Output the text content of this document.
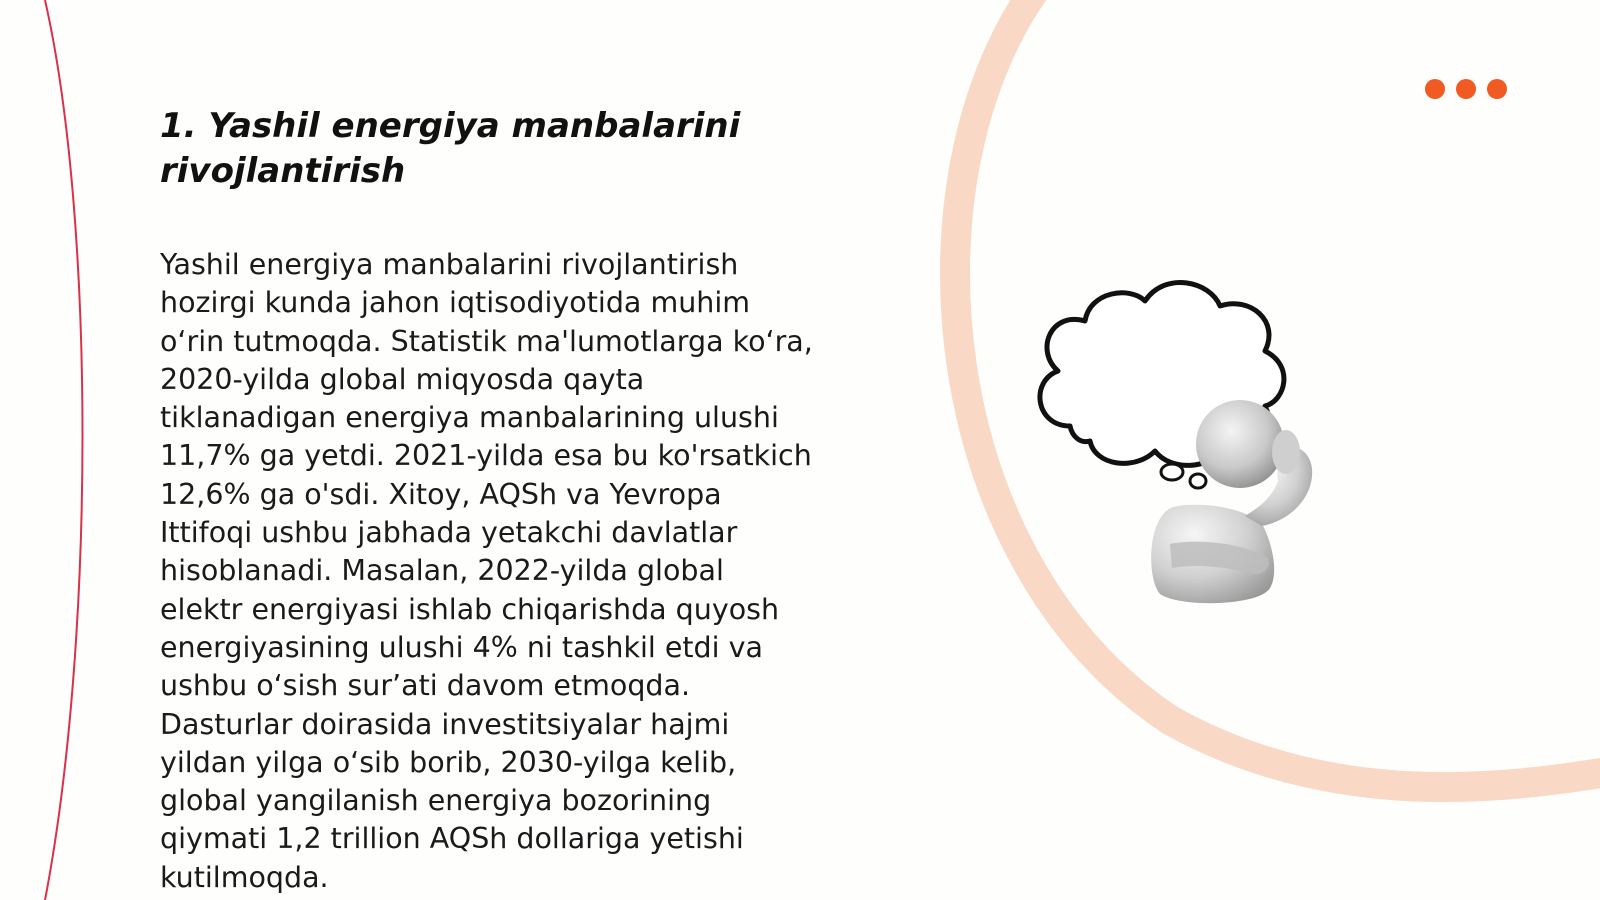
1. Yashil energiya manbalarini
rivojlantirish

Yashil energiya manbalarini rivojlantirish
hozirgi kunda jahon iqtisodiyotida muhim
o‘rin tutmoqda. Statistik ma'lumotlarga ko‘ra,
2020-yilda global miqyosda qayta
tiklanadigan energiya manbalarining ulushi
11,7% ga yetdi. 2021-yilda esa bu ko'rsatkich
12,6% ga o'sdi. Xitoy, AQSh va Yevropa
Ittifoqi ushbu jabhada yetakchi davlatlar
hisoblanadi. Masalan, 2022-yilda global
elektr energiyasi ishlab chiqarishda quyosh
energiyasining ulushi 4% ni tashkil etdi va
ushbu o‘sish sur’ati davom etmoqda.
Dasturlar doirasida investitsiyalar hajmi
yildan yilga o‘sib borib, 2030-yilga kelib,
global yangilanish energiya bozorining
qiymati 1,2 trillion AQSh dollariga yetishi
kutilmoqda.
